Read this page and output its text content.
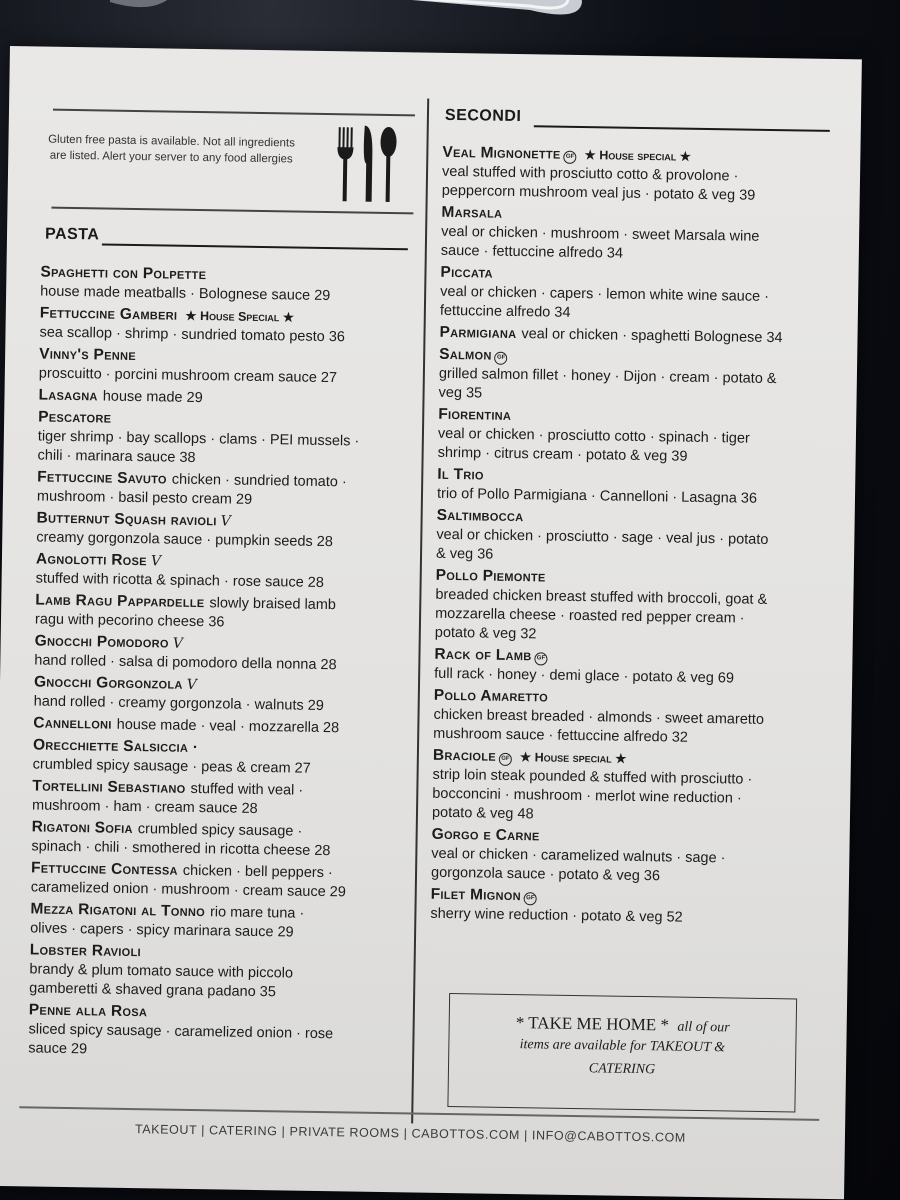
Gluten free pasta is available. Not all ingredients are listed. Alert your server to any food allergies
PASTA
Spaghetti con Polpette
house made meatballs · Bolognese sauce 29
Fettuccine Gamberi ★ House Special ★
sea scallop · shrimp · sundried tomato pesto 36
Vinny's Penne
proscuitto · porcini mushroom cream sauce 27
Lasagna house made 29
Pescatore
tiger shrimp · bay scallops · clams · PEI mussels ·
chili · marinara sauce 38
Fettuccine Savuto chicken · sundried tomato ·
mushroom · basil pesto cream 29
Butternut Squash ravioli V
creamy gorgonzola sauce · pumpkin seeds 28
Agnolotti Rose V
stuffed with ricotta & spinach · rose sauce 28
Lamb Ragu Pappardelle slowly braised lamb
ragu with pecorino cheese 36
Gnocchi Pomodoro V
hand rolled · salsa di pomodoro della nonna 28
Gnocchi Gorgonzola V
hand rolled · creamy gorgonzola · walnuts 29
Cannelloni house made · veal · mozzarella 28
Orecchiette Salsiccia ·
crumbled spicy sausage · peas & cream 27
Tortellini Sebastiano stuffed with veal ·
mushroom · ham · cream sauce 28
Rigatoni Sofia crumbled spicy sausage ·
spinach · chili · smothered in ricotta cheese 28
Fettuccine Contessa chicken · bell peppers ·
caramelized onion · mushroom · cream sauce 29
Mezza Rigatoni al Tonno rio mare tuna ·
olives · capers · spicy marinara sauce 29
Lobster Ravioli
brandy & plum tomato sauce with piccolo
gamberetti & shaved grana padano 35
Penne alla Rosa
sliced spicy sausage · caramelized onion · rose
sauce 29
SECONDI
Veal Mignonette GF ★ House special ★
veal stuffed with prosciutto cotto & provolone ·
peppercorn mushroom veal jus · potato & veg 39
Marsala
veal or chicken · mushroom · sweet Marsala wine
sauce · fettuccine alfredo 34
Piccata
veal or chicken · capers · lemon white wine sauce ·
fettuccine alfredo 34
Parmigiana veal or chicken · spaghetti Bolognese 34
Salmon GF
grilled salmon fillet · honey · Dijon · cream · potato &
veg 35
Fiorentina
veal or chicken · prosciutto cotto · spinach · tiger
shrimp · citrus cream · potato & veg 39
Il Trio
trio of Pollo Parmigiana · Cannelloni · Lasagna 36
Saltimbocca
veal or chicken · prosciutto · sage · veal jus · potato
& veg 36
Pollo Piemonte
breaded chicken breast stuffed with broccoli, goat &
mozzarella cheese · roasted red pepper cream ·
potato & veg 32
Rack of Lamb GF
full rack · honey · demi glace · potato & veg 69
Pollo Amaretto
chicken breast breaded · almonds · sweet amaretto
mushroom sauce · fettuccine alfredo 32
Braciole GF ★ House special ★
strip loin steak pounded & stuffed with prosciutto ·
bocconcini · mushroom · merlot wine reduction ·
potato & veg 48
Gorgo e Carne
veal or chicken · caramelized walnuts · sage ·
gorgonzola sauce · potato & veg 36
Filet Mignon GF
sherry wine reduction · potato & veg 52
* TAKE ME HOME * all of our
items are available for TAKEOUT &
CATERING
TAKEOUT | CATERING | PRIVATE ROOMS | CABOTTOS.COM | INFO@CABOTTOS.COM
